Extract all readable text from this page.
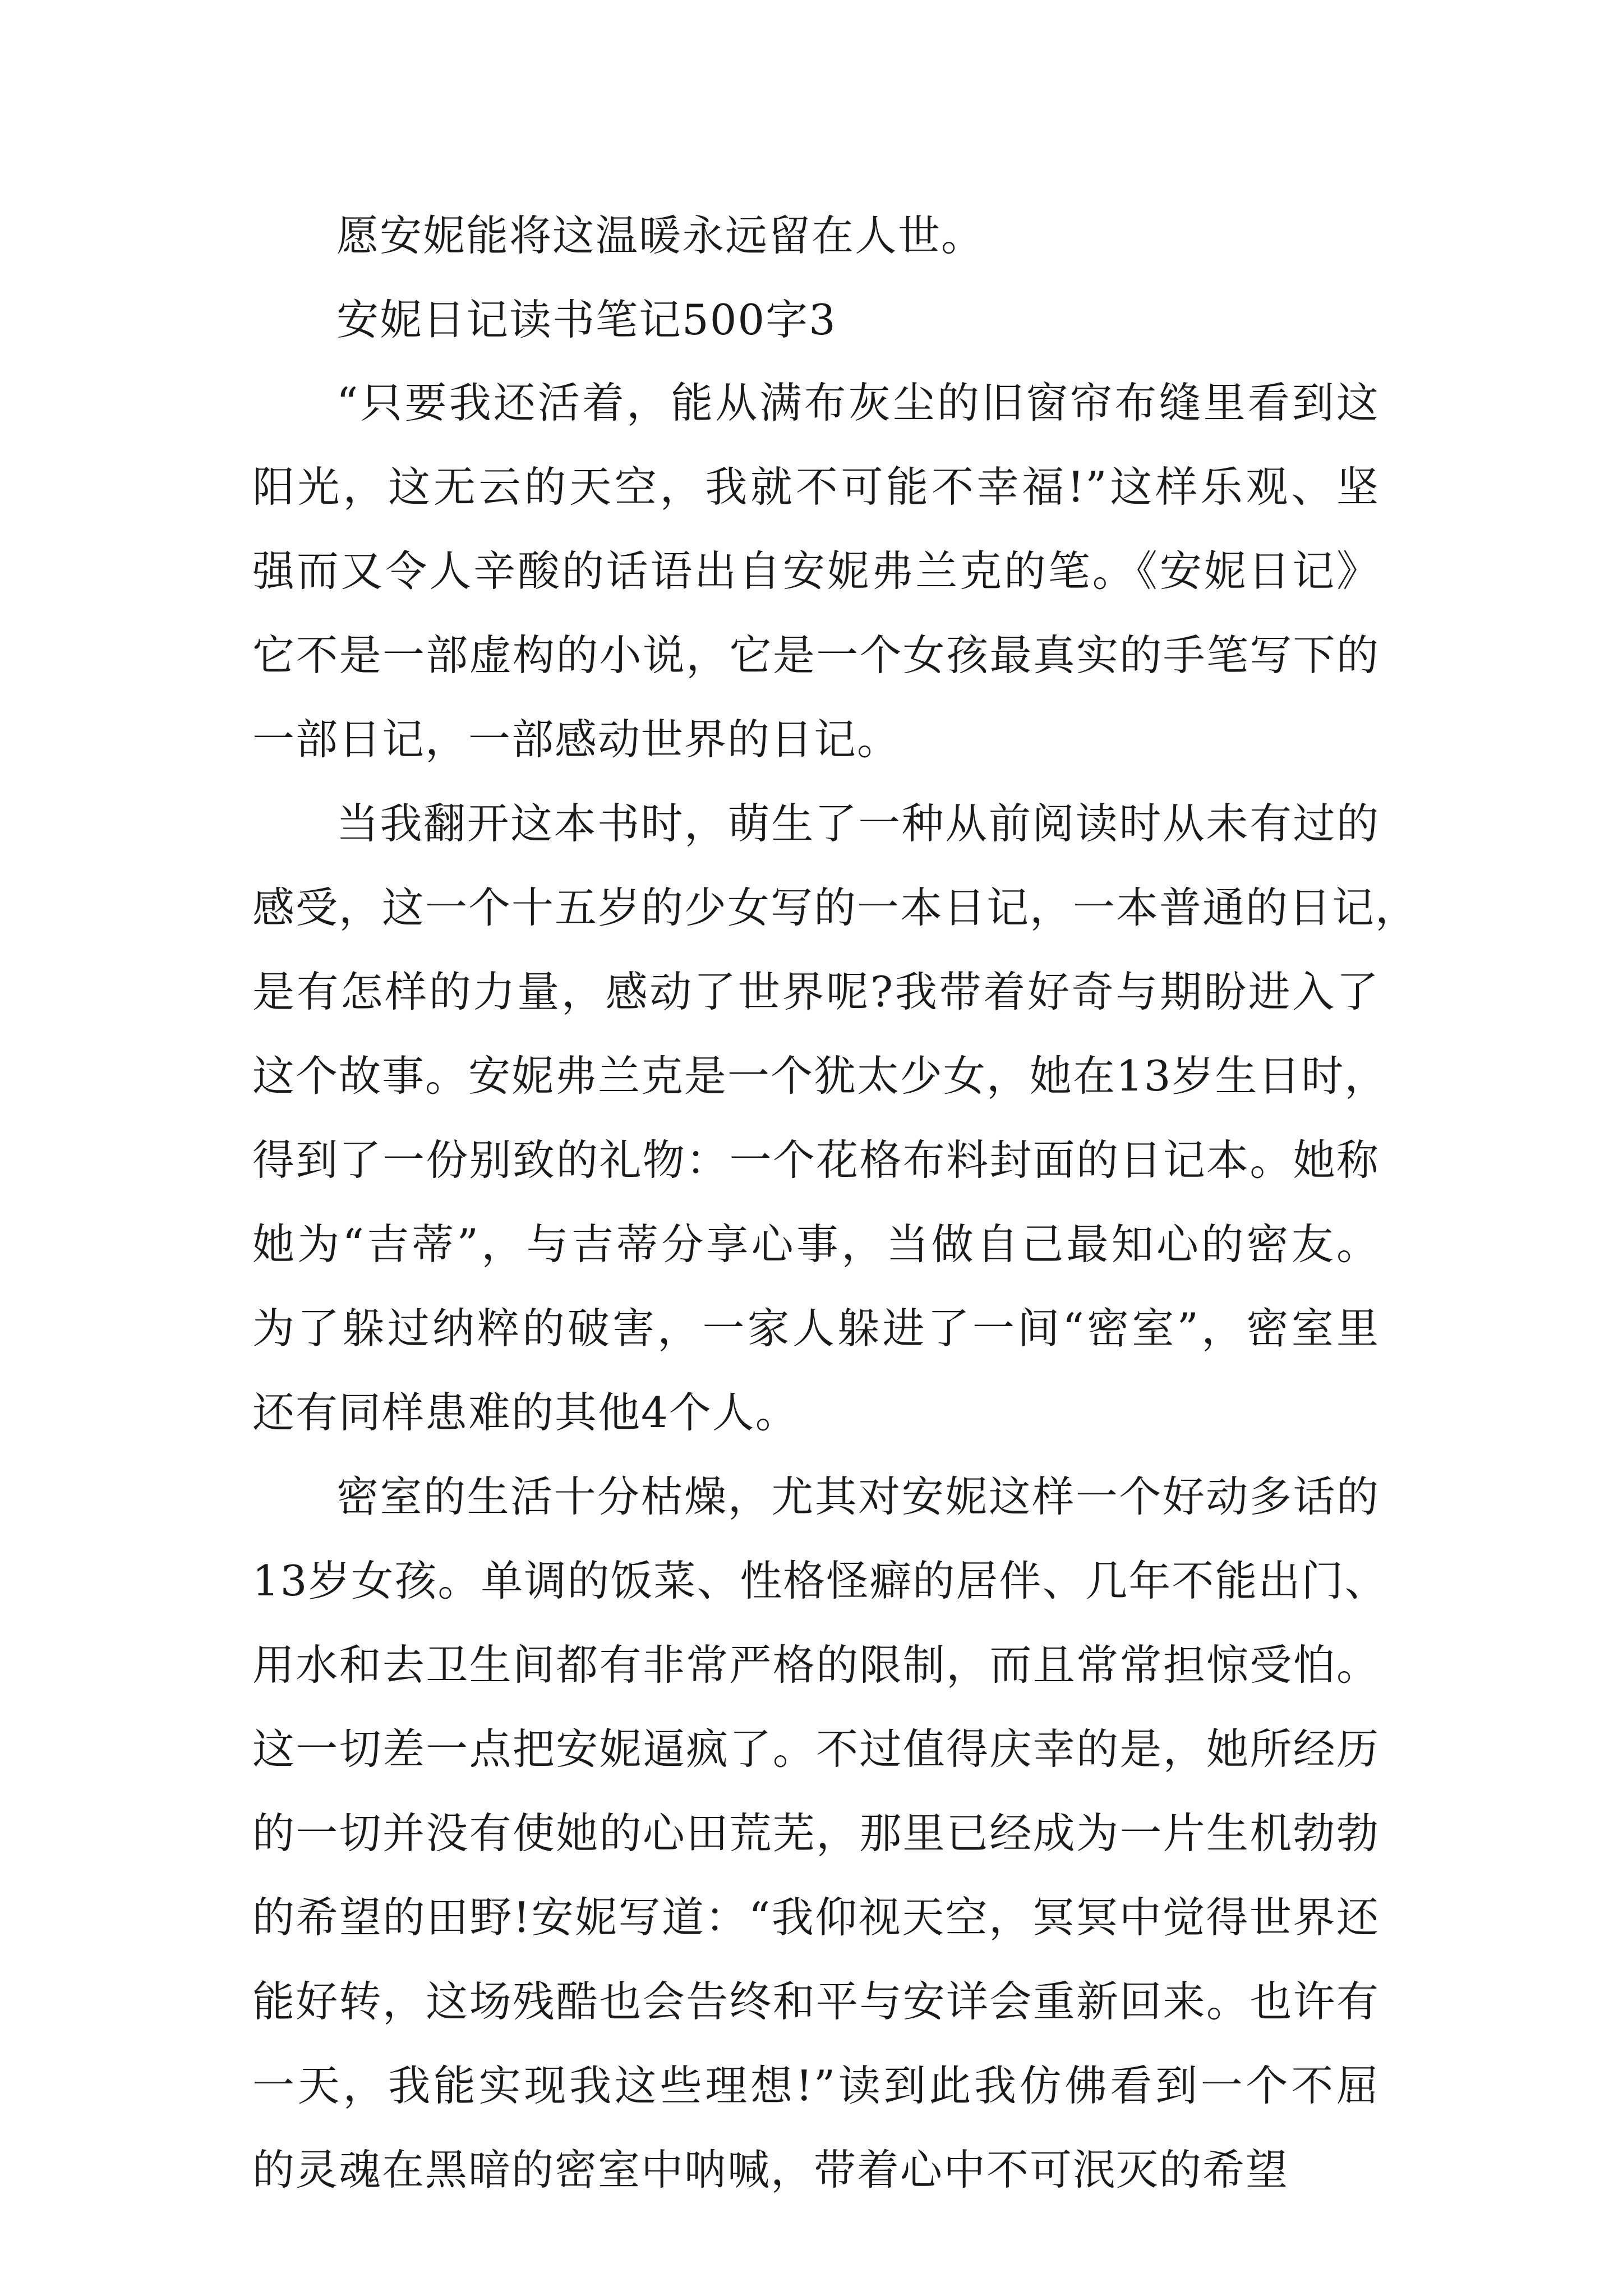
愿安妮能将这温暖永远留在人世。
安妮日记读书笔记500字3
“只要我还活着，能从满布灰尘的旧窗帘布缝里看到这
阳光，这无云的天空，我就不可能不幸福!”这样乐观、坚
强而又令人辛酸的话语出自安妮弗兰克的笔。《安妮日记》
它不是一部虚构的小说，它是一个女孩最真实的手笔写下的
一部日记，一部感动世界的日记。
当我翻开这本书时，萌生了一种从前阅读时从未有过的
感受，这一个十五岁的少女写的一本日记，一本普通的日记，
是有怎样的力量，感动了世界呢?我带着好奇与期盼进入了
这个故事。安妮弗兰克是一个犹太少女，她在13岁生日时，
得到了一份别致的礼物：一个花格布料封面的日记本。她称
她为“吉蒂”，与吉蒂分享心事，当做自己最知心的密友。
为了躲过纳粹的破害，一家人躲进了一间“密室”，密室里
还有同样患难的其他4个人。
密室的生活十分枯燥，尤其对安妮这样一个好动多话的
13岁女孩。单调的饭菜、性格怪癖的居伴、几年不能出门、
用水和去卫生间都有非常严格的限制，而且常常担惊受怕。
这一切差一点把安妮逼疯了。不过值得庆幸的是，她所经历
的一切并没有使她的心田荒芜，那里已经成为一片生机勃勃
的希望的田野!安妮写道：“我仰视天空，冥冥中觉得世界还
能好转，这场残酷也会告终和平与安详会重新回来。也许有
一天，我能实现我这些理想!”读到此我仿佛看到一个不屈
的灵魂在黑暗的密室中呐喊，带着心中不可泯灭的希望
